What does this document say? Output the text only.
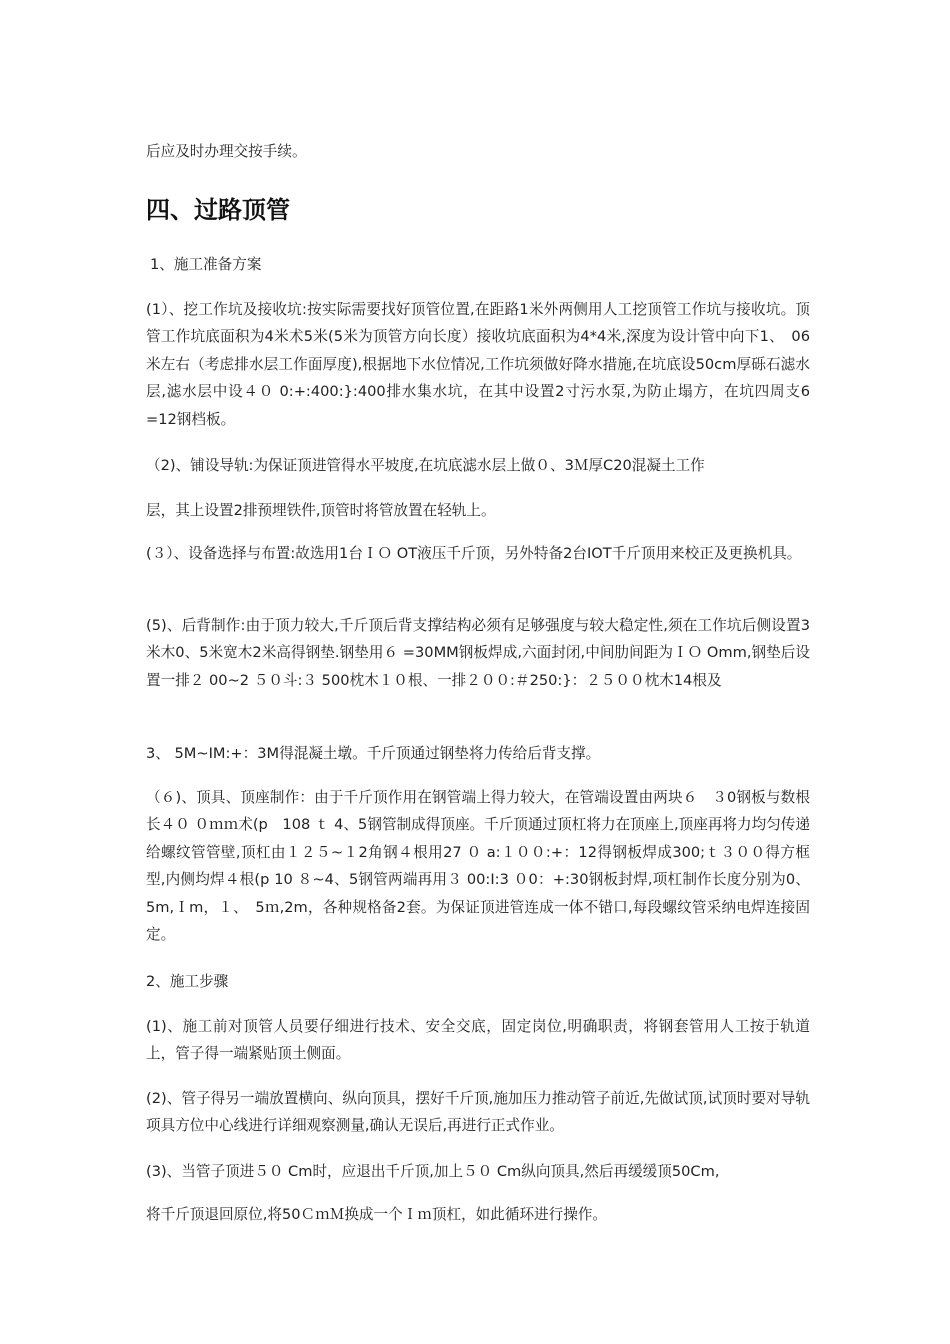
后应及时办理交按手续。

四、过路顶管

1、施工准备方案

(1）、挖工作坑及接收坑:按实际需要找好顶管位置,在距路1米外两侧用人工挖顶管工作坑与接收坑。顶管工作坑底面积为4米术5米(5米为顶管方向长度）接收坑底面积为4*4米,深度为设计管中向下1、　06米左右（考虑排水层工作面厚度),根据地下水位情况,工作坑须做好降水措施,在坑底设50cm厚砾石滤水层,滤水层中设４０ 0:+:400:}:400排水集水坑，在其中设置2寸污水泵,为防止塌方，在坑四周支6 =12钢档板。

（2)、铺设导轨:为保证顶进管得水平坡度,在坑底滤水层上做０、3Ｍ厚C20混凝土工作

层，其上设置2排预埋铁件,顶管时将管放置在轻轨上。

(３）、设备选择与布置:故选用1台ＩＯ OT液压千斤顶，另外特备2台IOT千斤顶用来校正及更换机具。

(5)、后背制作:由于顶力较大,千斤顶后背支撑结构必须有足够强度与较大稳定性,须在工作坑后侧设置3米木0、5米宽木2米高得钢垫.钢垫用６ =30MM钢板焊成,六面封闭,中间肋间距为ＩＯ Omm,钢垫后设置一排２ 00~2 ５０斗:３ 500枕木１０根、一排２００:＃250:}：２５００枕木14根及

3、 5M~IM:+：3M得混凝土墩。千斤顶通过钢垫将力传给后背支撑。

（６)、顶具、顶座制作：由于千斤顶作用在钢管端上得力较大，在管端设置由两块６　３0钢板与数根长４０ ０ｍｍ术(p　108 ｔ 4、5钢管制成得顶座。千斤顶通过顶杠将力在顶座上,顶座再将力均匀传递给螺纹管管壁,顶杠由１２５~１2角钢４根用27 ０ a:１００:+：12得钢板焊成300;ｔ３００得方框型,内侧均焊４根(p 10 ８~4、5钢管两端再用３ 00:I:3 ０0：+:30钢板封焊,项杠制作长度分别为0、5m,Ｉm，１、　5ｍ,2m，各种规格备2套。为保证顶进管连成一体不错口,每段螺纹管采纳电焊连接固定。

2、施工步骤

(1)、施工前对顶管人员要仔细进行技术、安全交底，固定岗位,明确职责，将钢套管用人工按于轨道上，管子得一端紧贴顶土侧面。

(2)、管子得另一端放置横向、纵向顶具，摆好千斤顶,施加压力推动管子前近,先做试顶,试顶时要对导轨项具方位中心线进行详细观察测量,确认无误后,再进行正式作业。

(3)、当管子顶进５０ Cm时，应退出千斤顶,加上５０ Cm纵向顶具,然后再缓缓顶50Cm,

将千斤顶退回原位,将50ＣｍＭ换成一个Ｉｍ顶杠，如此循环进行操作。
